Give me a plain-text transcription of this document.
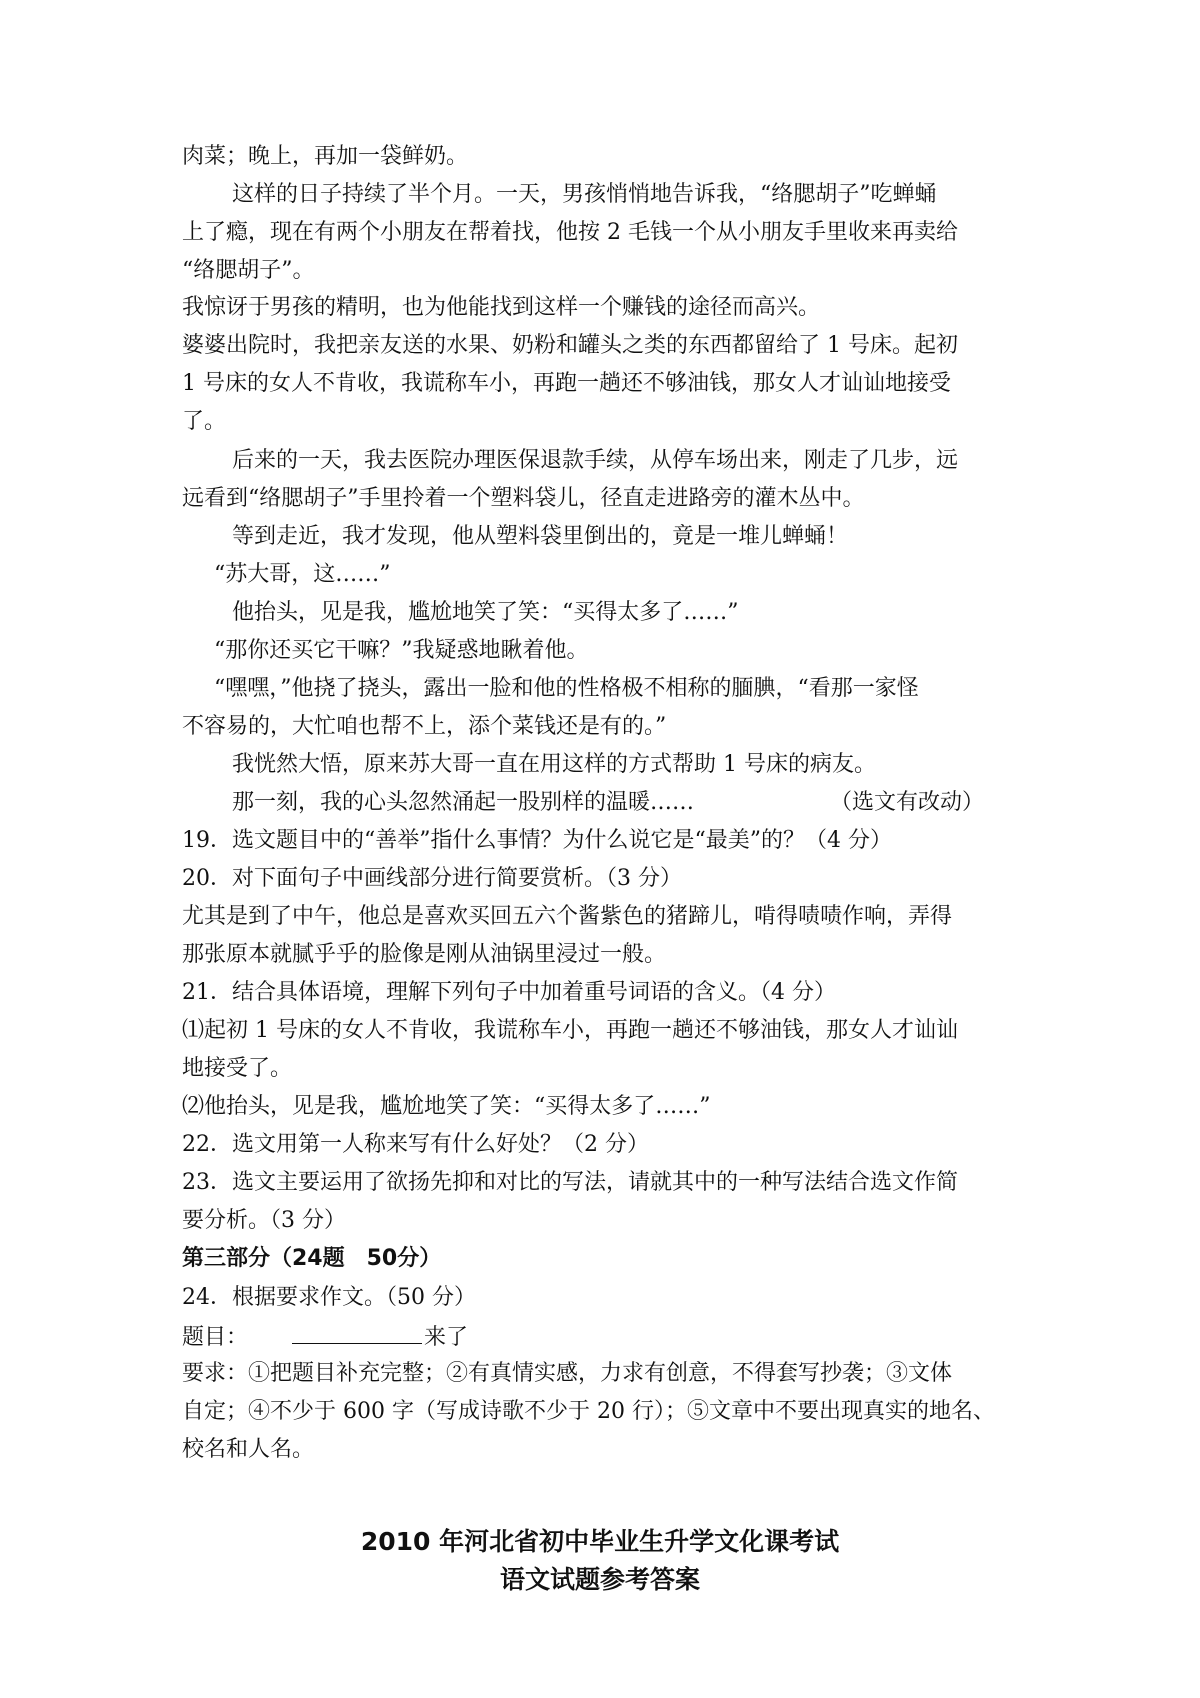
肉菜；晚上，再加一袋鲜奶。
这样的日子持续了半个月。一天，男孩悄悄地告诉我，“络腮胡子”吃蝉蛹
上了瘾，现在有两个小朋友在帮着找，他按 2 毛钱一个从小朋友手里收来再卖给
“络腮胡子”。
我惊讶于男孩的精明，也为他能找到这样一个赚钱的途径而高兴。
婆婆出院时，我把亲友送的水果、奶粉和罐头之类的东西都留给了 1 号床。起初
1 号床的女人不肯收，我谎称车小，再跑一趟还不够油钱，那女人才讪讪地接受
了。
后来的一天，我去医院办理医保退款手续，从停车场出来，刚走了几步，远
远看到“络腮胡子”手里拎着一个塑料袋儿，径直走进路旁的灌木丛中。
等到走近，我才发现，他从塑料袋里倒出的，竟是一堆儿蝉蛹！
“苏大哥，这……”
他抬头，见是我，尴尬地笑了笑：“买得太多了……”
“那你还买它干嘛？”我疑惑地瞅着他。
“嘿嘿，”他挠了挠头，露出一脸和他的性格极不相称的腼腆，“看那一家怪
不容易的，大忙咱也帮不上，添个菜钱还是有的。”
我恍然大悟，原来苏大哥一直在用这样的方式帮助 1 号床的病友。
那一刻，我的心头忽然涌起一股别样的温暖……	（选文有改动）
19．选文题目中的“善举”指什么事情？为什么说它是“最美”的？（4 分）
20．对下面句子中画线部分进行简要赏析。（3 分）
尤其是到了中午，他总是喜欢买回五六个酱紫色的猪蹄儿，啃得啧啧作响，弄得
那张原本就腻乎乎的脸像是刚从油锅里浸过一般。
21．结合具体语境，理解下列句子中加着重号词语的含义。（4 分）
⑴起初 1 号床的女人不肯收，我谎称车小，再跑一趟还不够油钱，那女人才讪讪
地接受了。
⑵他抬头，见是我，尴尬地笑了笑：“买得太多了……”
22．选文用第一人称来写有什么好处？（2 分）
23．选文主要运用了欲扬先抑和对比的写法，请就其中的一种写法结合选文作简
要分析。（3 分）
第三部分（24题　50分）
24．根据要求作文。（50 分）
题目：	来了
要求：①把题目补充完整；②有真情实感，力求有创意，不得套写抄袭；③文体
自定；④不少于 600 字（写成诗歌不少于 20 行）；⑤文章中不要出现真实的地名、
校名和人名。
2010 年河北省初中毕业生升学文化课考试
语文试题参考答案
